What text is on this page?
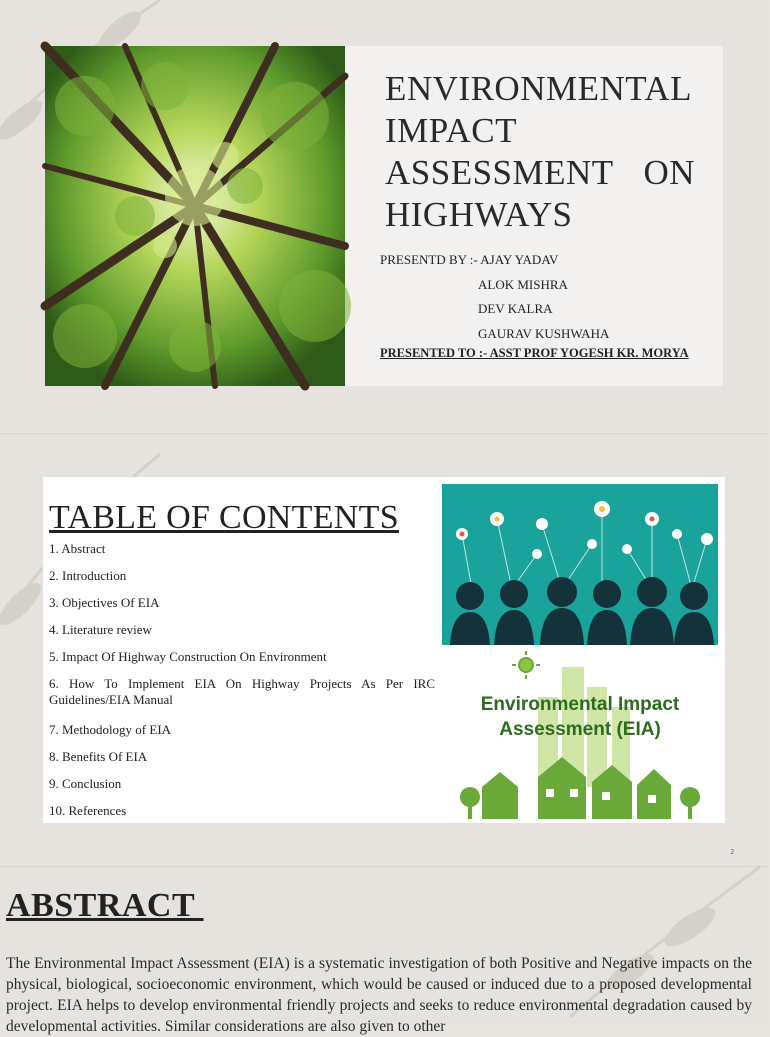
ENVIRONMENTAL
IMPACT
ASSESSMENT ON
HIGHWAYS
PRESENTD BY :- AJAY YADAV
ALOK MISHRA
DEV KALRA
GAURAV KUSHWAHA
PRESENTED TO :- ASST PROF YOGESH KR. MORYA
TABLE OF CONTENTS
1. Abstract
2. Introduction
3. Objectives Of EIA
4. Literature review
5. Impact Of Highway Construction On Environment
6. How To Implement EIA On Highway Projects As Per IRC Guidelines/EIA Manual
7. Methodology of EIA
8. Benefits Of EIA
9. Conclusion
10. References
Environmental Impact
Assessment (EIA)
2
ABSTRACT
The Environmental Impact Assessment (EIA) is a systematic investigation of both Positive and Negative impacts on the physical, biological, socioeconomic environment, which would be caused or induced due to a proposed developmental project. EIA helps to develop environmental friendly projects and seeks to reduce environmental degradation caused by developmental activities. Similar considerations are also given to other
